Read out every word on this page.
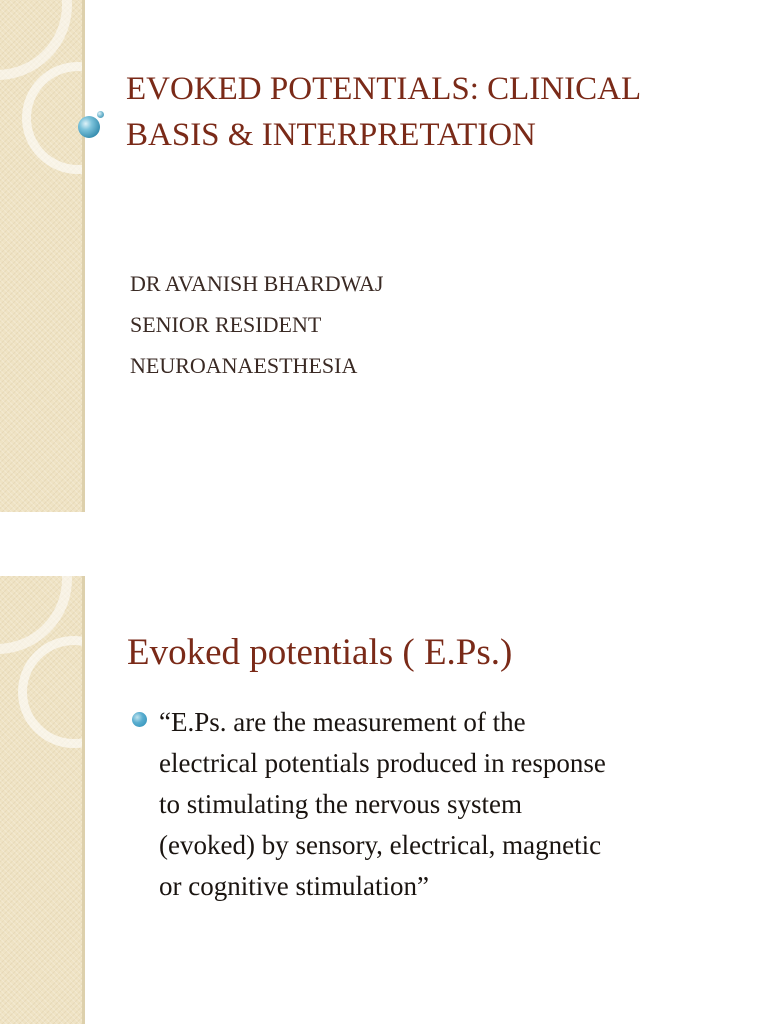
EVOKED POTENTIALS: CLINICAL
BASIS & INTERPRETATION
DR AVANISH BHARDWAJ
SENIOR RESIDENT
NEUROANAESTHESIA
Evoked potentials ( E.Ps.)

“E.Ps. are the measurement of the
electrical potentials produced in response
to stimulating the nervous system
(evoked) by sensory, electrical, magnetic
or cognitive stimulation”
